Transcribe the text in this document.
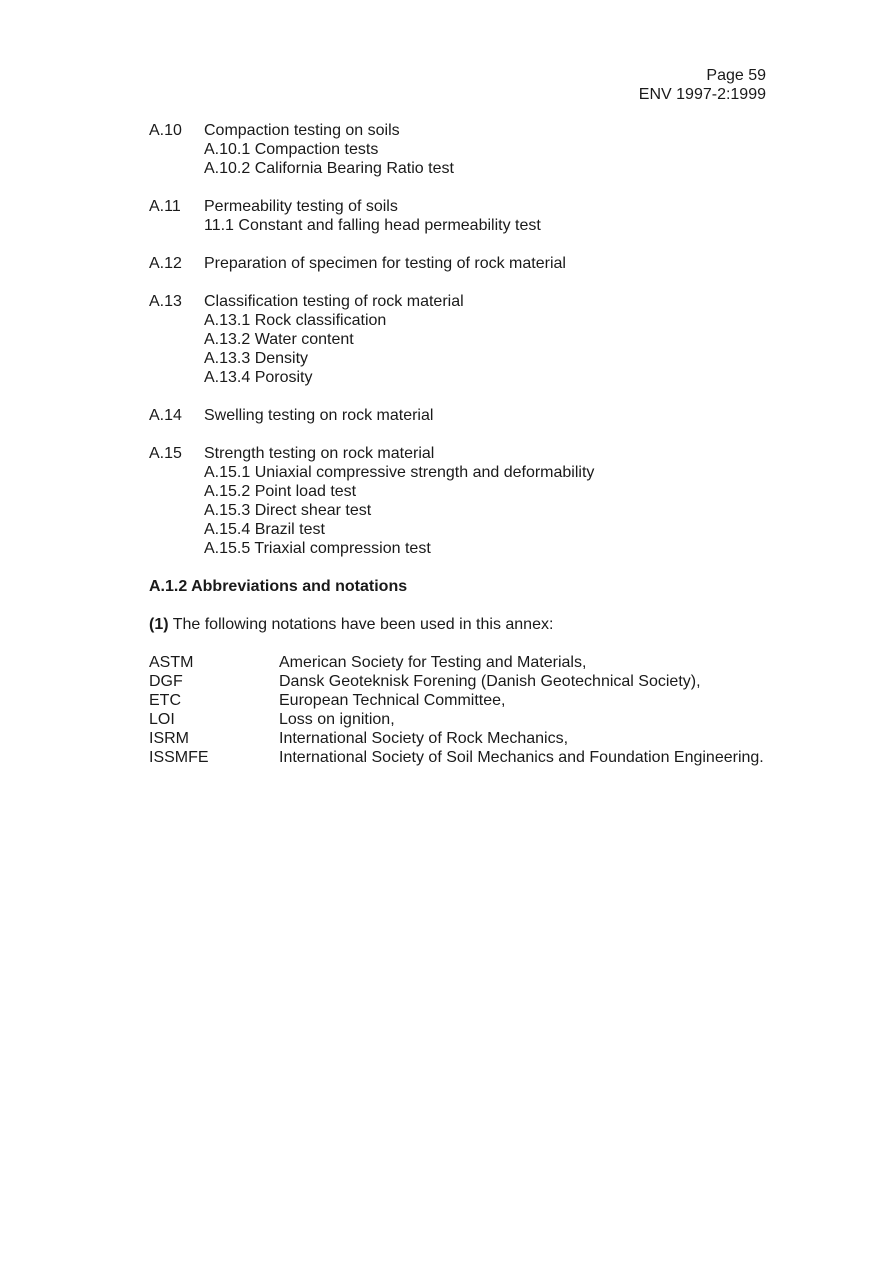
Page 59
ENV 1997-2:1999
A.10	Compaction testing on soils
A.10.1 Compaction tests
A.10.2 California Bearing Ratio test
A.11	Permeability testing of soils
11.1 Constant and falling head permeability test
A.12	Preparation of specimen for testing of rock material
A.13	Classification testing of rock material
A.13.1 Rock classification
A.13.2 Water content
A.13.3 Density
A.13.4 Porosity
A.14	Swelling testing on rock material
A.15	Strength testing on rock material
A.15.1 Uniaxial compressive strength and deformability
A.15.2 Point load test
A.15.3 Direct shear test
A.15.4 Brazil test
A.15.5 Triaxial compression test
A.1.2 Abbreviations and notations
(1) The following notations have been used in this annex:
ASTM	American Society for Testing and Materials,
DGF	Dansk Geoteknisk Forening (Danish Geotechnical Society),
ETC	European Technical Committee,
LOI	Loss on ignition,
ISRM	International Society of Rock Mechanics,
ISSMFE	International Society of Soil Mechanics and Foundation Engineering.
